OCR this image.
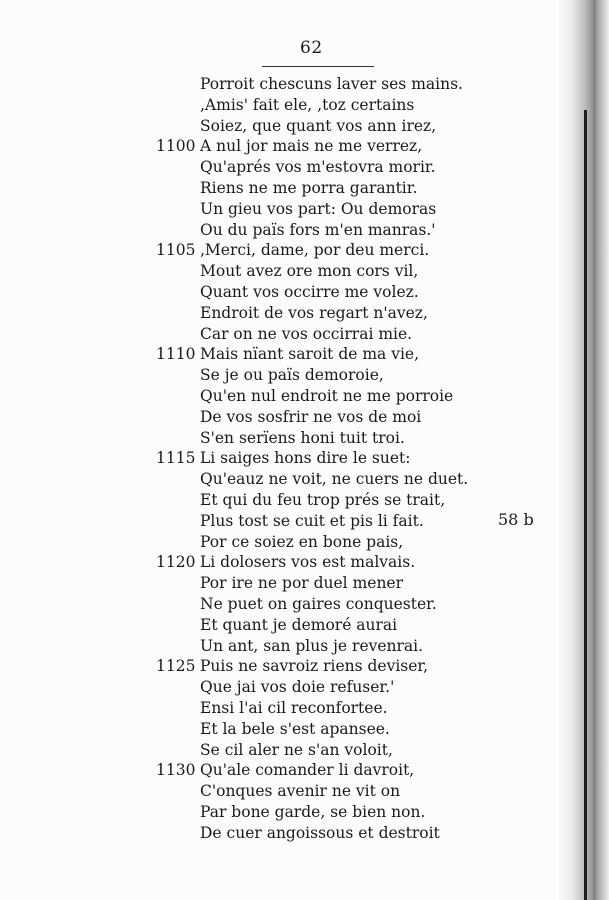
62
Porroit chescuns laver ses mains.
‚Amis' fait ele, ‚toz certains
Soiez, que quant vos ann irez,
1100 A nul jor mais ne me verrez,
Qu'aprés vos m'estovra morir.
Riens ne me porra garantir.
Un gieu vos part: Ou demoras
Ou du païs fors m'en manras.'
1105 ‚Merci, dame, por deu merci.
Mout avez ore mon cors vil,
Quant vos occirre me volez.
Endroit de vos regart n'avez,
Car on ne vos occirrai mie.
1110 Mais nïant saroit de ma vie,
Se je ou païs demoroie,
Qu'en nul endroit ne me porroie
De vos sosfrir ne vos de moi
S'en serïens honi tuit troi.
1115 Li saiges hons dire le suet:
Qu'eauz ne voit, ne cuers ne duet.
Et qui du feu trop prés se trait,
Plus tost se cuit et pis li fait.
Por ce soiez en bone pais,
1120 Li dolosers vos est malvais.
Por ire ne por duel mener
Ne puet on gaires conquester.
Et quant je demoré aurai
Un ant, san plus je revenrai.
1125 Puis ne savroiz riens deviser,
Que jai vos doie refuser.'
Ensi l'ai cil reconfortee.
Et la bele s'est apansee.
Se cil aler ne s'an voloit,
1130 Qu'ale comander li davroit,
C'onques avenir ne vit on
Par bone garde, se bien non.
De cuer angoissous et destroit
58 b
